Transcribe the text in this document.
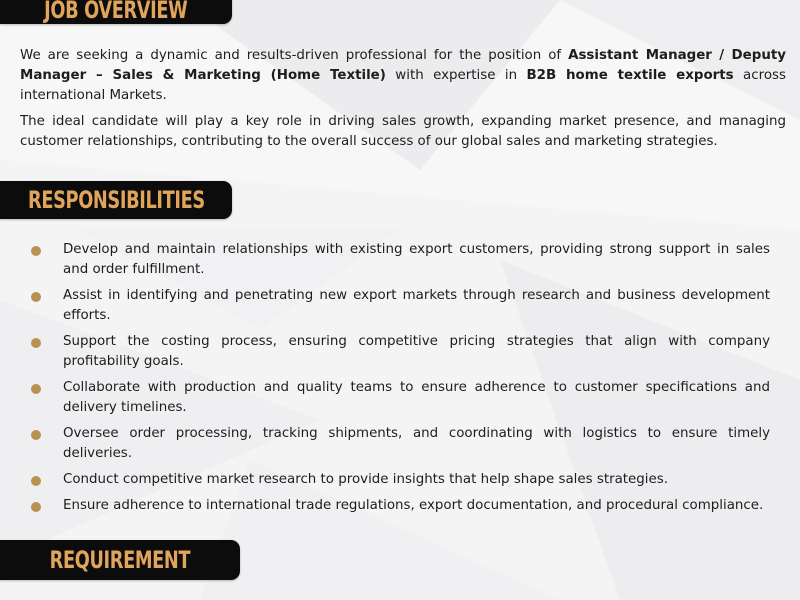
JOB OVERVIEW

We are seeking a dynamic and results-driven professional for the position of Assistant Manager / Deputy Manager – Sales & Marketing (Home Textile) with expertise in B2B home textile exports across international Markets.

The ideal candidate will play a key role in driving sales growth, expanding market presence, and managing customer relationships, contributing to the overall success of our global sales and marketing strategies.

RESPONSIBILITIES
Develop and maintain relationships with existing export customers, providing strong support in sales and order fulfillment.
Assist in identifying and penetrating new export markets through research and business development efforts.
Support the costing process, ensuring competitive pricing strategies that align with company profitability goals.
Collaborate with production and quality teams to ensure adherence to customer specifications and delivery timelines.
Oversee order processing, tracking shipments, and coordinating with logistics to ensure timely deliveries.
Conduct competitive market research to provide insights that help shape sales strategies.
Ensure adherence to international trade regulations, export documentation, and procedural compliance.
REQUIREMENT
